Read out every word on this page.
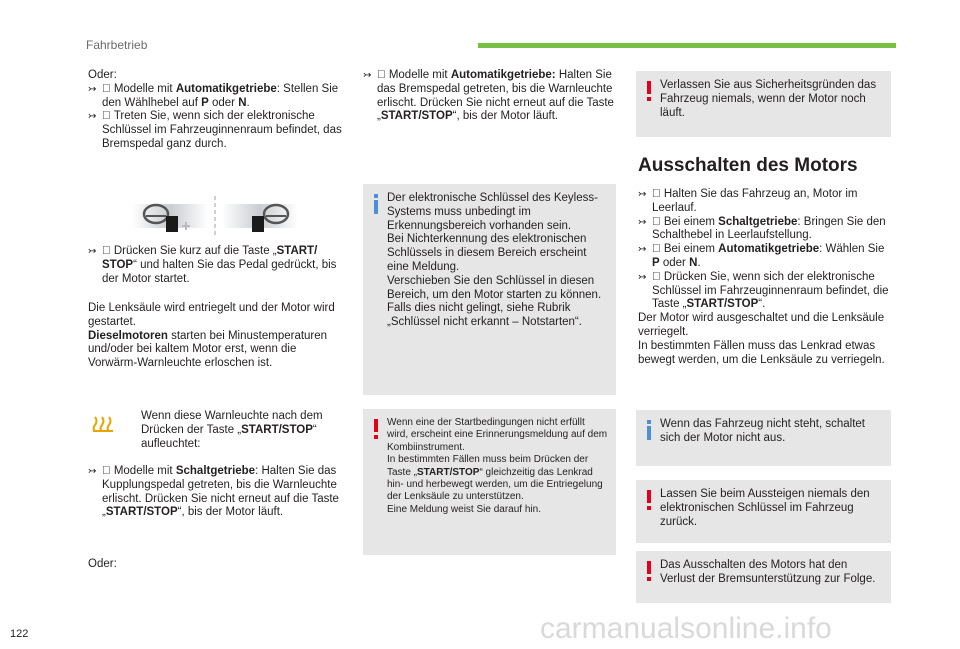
Fahrbetrieb
Oder:

↣ Modelle mit Automatikgetriebe: Stellen Sie den Wählhebel auf P oder N.

↣ Treten Sie, wenn sich der elektronische Schlüssel im Fahrzeuginnenraum befindet, das Bremspedal ganz durch.

↣ Drücken Sie kurz auf die Taste „START/ STOP“ und halten Sie das Pedal gedrückt, bis der Motor startet.
Die Lenksäule wird entriegelt und der Motor wird gestartet.
Dieselmotoren starten bei Minustemperaturen und/oder bei kaltem Motor erst, wenn die Vorwärm-Warnleuchte erloschen ist.
Wenn diese Warnleuchte nach dem Drücken der Taste „START/STOP“ aufleuchtet:

↣ Modelle mit Schaltgetriebe: Halten Sie das Kupplungspedal getreten, bis die Warnleuchte erlischt. Drücken Sie nicht erneut auf die Taste „START/STOP“, bis der Motor läuft.
Oder:

↣ Modelle mit Automatikgetriebe: Halten Sie das Bremspedal getreten, bis die Warnleuchte erlischt. Drücken Sie nicht erneut auf die Taste „START/STOP“, bis der Motor läuft.
Der elektronische Schlüssel des Keyless-Systems muss unbedingt im Erkennungsbereich vorhanden sein.
Bei Nichterkennung des elektronischen Schlüssels in diesem Bereich erscheint eine Meldung.
Verschieben Sie den Schlüssel in diesen Bereich, um den Motor starten zu können.
Falls dies nicht gelingt, siehe Rubrik „Schlüssel nicht erkannt – Notstarten“.
Wenn eine der Startbedingungen nicht erfüllt wird, erscheint eine Erinnerungsmeldung auf dem Kombiinstrument.
In bestimmten Fällen muss beim Drücken der Taste „START/STOP“ gleichzeitig das Lenkrad hin- und herbewegt werden, um die Entriegelung der Lenksäule zu unterstützen.
Eine Meldung weist Sie darauf hin.
Verlassen Sie aus Sicherheitsgründen das Fahrzeug niemals, wenn der Motor noch läuft.
Ausschalten des Motors

↣ Halten Sie das Fahrzeug an, Motor im Leerlauf.

↣ Bei einem Schaltgetriebe: Bringen Sie den Schalthebel in Leerlaufstellung.

↣ Bei einem Automatikgetriebe: Wählen Sie P oder N.

↣ Drücken Sie, wenn sich der elektronische Schlüssel im Fahrzeuginnenraum befindet, die Taste „START/STOP“.
Der Motor wird ausgeschaltet und die Lenksäule verriegelt.
In bestimmten Fällen muss das Lenkrad etwas bewegt werden, um die Lenksäule zu verriegeln.
Wenn das Fahrzeug nicht steht, schaltet sich der Motor nicht aus.
Lassen Sie beim Aussteigen niemals den elektronischen Schlüssel im Fahrzeug zurück.
Das Ausschalten des Motors hat den Verlust der Bremsunterstützung zur Folge.
122	carmanualsonline.info
